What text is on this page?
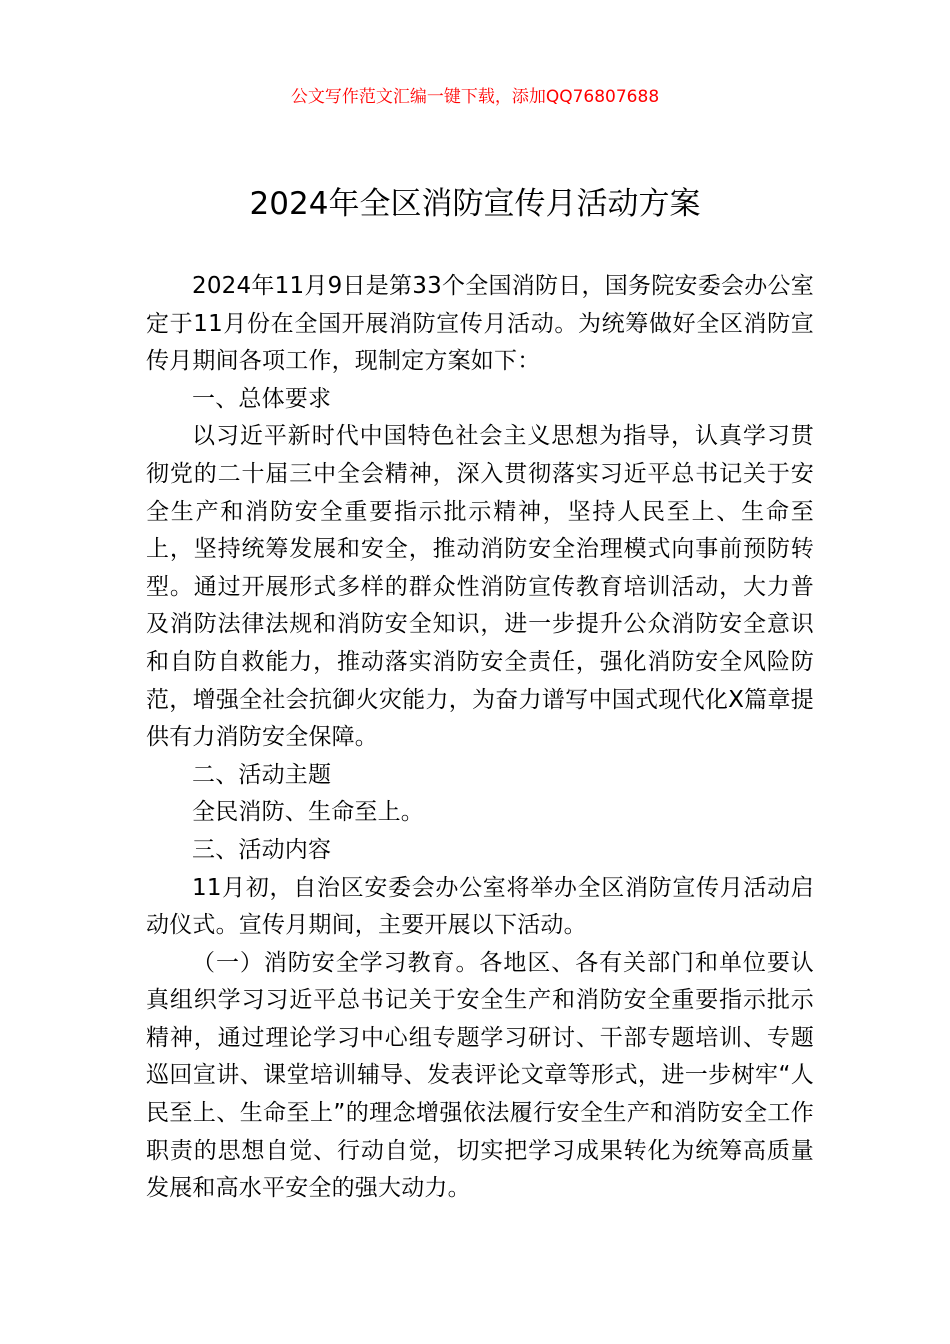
公文写作范文汇编一键下载，添加QQ76807688
2024年全区消防宣传月活动方案

2024年11月9日是第33个全国消防日，国务院安委会办公室定于11月份在全国开展消防宣传月活动。为统筹做好全区消防宣传月期间各项工作，现制定方案如下：

一、总体要求

以习近平新时代中国特色社会主义思想为指导，认真学习贯彻党的二十届三中全会精神，深入贯彻落实习近平总书记关于安全生产和消防安全重要指示批示精神，坚持人民至上、生命至上，坚持统筹发展和安全，推动消防安全治理模式向事前预防转型。通过开展形式多样的群众性消防宣传教育培训活动，大力普及消防法律法规和消防安全知识，进一步提升公众消防安全意识和自防自救能力，推动落实消防安全责任，强化消防安全风险防范，增强全社会抗御火灾能力，为奋力谱写中国式现代化X篇章提供有力消防安全保障。

二、活动主题

全民消防、生命至上。

三、活动内容

11月初，自治区安委会办公室将举办全区消防宣传月活动启动仪式。宣传月期间，主要开展以下活动。

（一）消防安全学习教育。各地区、各有关部门和单位要认真组织学习习近平总书记关于安全生产和消防安全重要指示批示精神，通过理论学习中心组专题学习研讨、干部专题培训、专题巡回宣讲、课堂培训辅导、发表评论文章等形式，进一步树牢“人民至上、生命至上”的理念增强依法履行安全生产和消防安全工作职责的思想自觉、行动自觉，切实把学习成果转化为统筹高质量发展和高水平安全的强大动力。
